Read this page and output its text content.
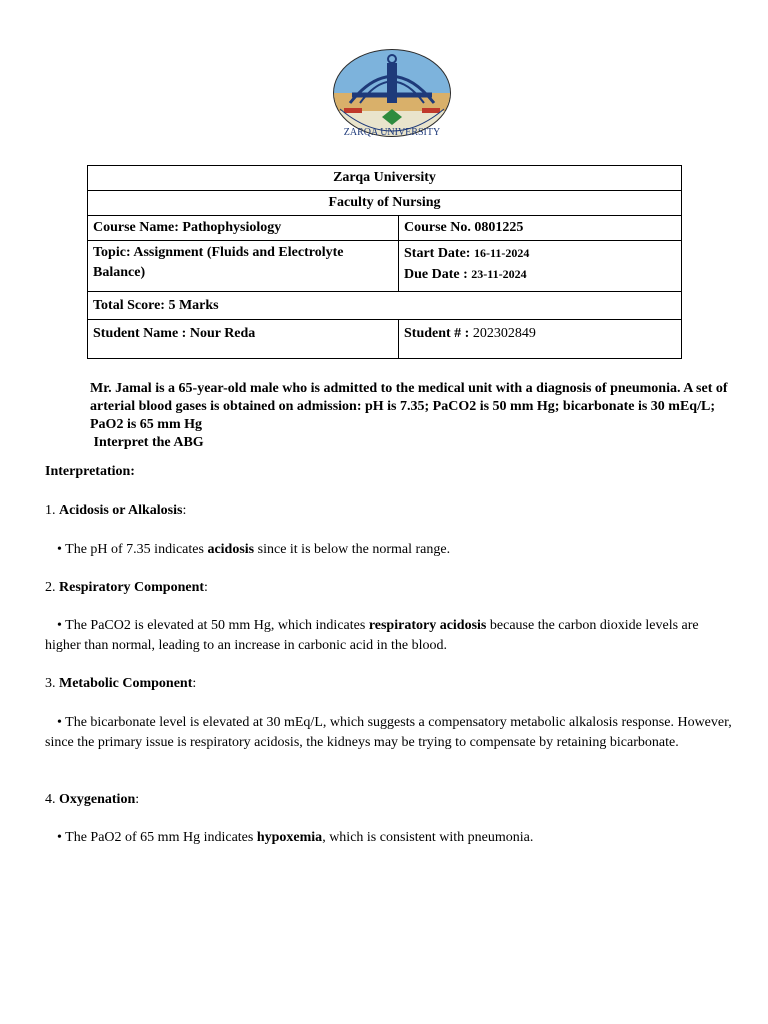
ZARQA UNIVERSITY
Zarqa University	
Faculty of Nursing	
Course Name: Pathophysiology	Course No. 0801225
Topic: Assignment (Fluids and Electrolyte Balance)	Start Date: 16-11-2024
Due Date : 23-11-2024

Total Score: 5 Marks	
Student Name : Nour Reda	Student # : 202302849
Mr. Jamal is a 65-year-old male who is admitted to the medical unit with a diagnosis of pneumonia. A set of arterial blood gases is obtained on admission: pH is 7.35; PaCO2 is 50 mm Hg; bicarbonate is 30 mEq/L; PaO2 is 65 mm Hg
Interpret the ABG
Interpretation:
1. Acidosis or Alkalosis:
• The pH of 7.35 indicates acidosis since it is below the normal range.
2. Respiratory Component:
• The PaCO2 is elevated at 50 mm Hg, which indicates respiratory acidosis because the carbon dioxide levels are higher than normal, leading to an increase in carbonic acid in the blood.
3. Metabolic Component:
• The bicarbonate level is elevated at 30 mEq/L, which suggests a compensatory metabolic alkalosis response. However, since the primary issue is respiratory acidosis, the kidneys may be trying to compensate by retaining bicarbonate.
4. Oxygenation:
• The PaO2 of 65 mm Hg indicates hypoxemia, which is consistent with pneumonia.
